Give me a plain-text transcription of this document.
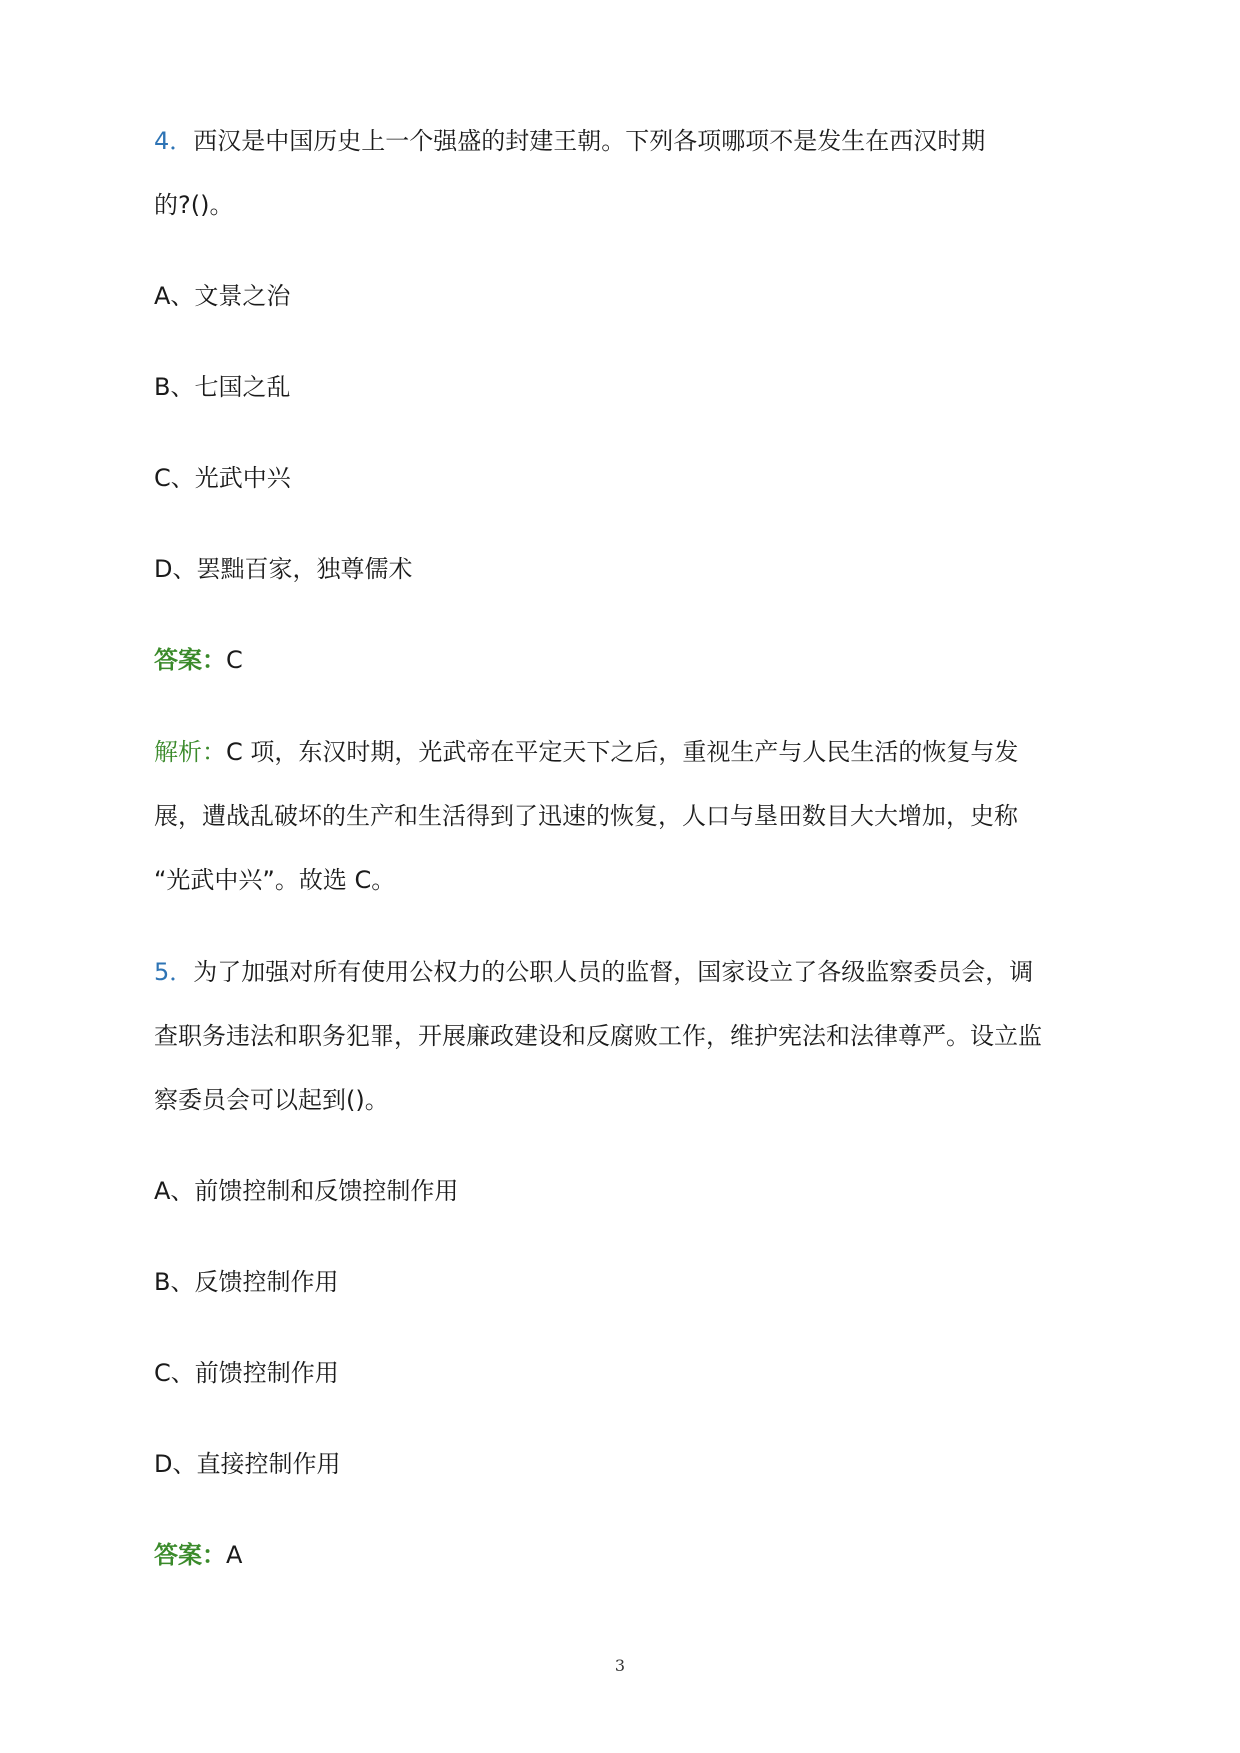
4．西汉是中国历史上一个强盛的封建王朝。下列各项哪项不是发生在西汉时期
的?()。
A、文景之治
B、七国之乱
C、光武中兴
D、罢黜百家，独尊儒术
答案：C
解析：C 项，东汉时期，光武帝在平定天下之后，重视生产与人民生活的恢复与发
展，遭战乱破坏的生产和生活得到了迅速的恢复，人口与垦田数目大大增加，史称
“光武中兴”。故选 C。
5．为了加强对所有使用公权力的公职人员的监督，国家设立了各级监察委员会，调
查职务违法和职务犯罪，开展廉政建设和反腐败工作，维护宪法和法律尊严。设立监
察委员会可以起到()。
A、前馈控制和反馈控制作用
B、反馈控制作用
C、前馈控制作用
D、直接控制作用
答案：A
3
